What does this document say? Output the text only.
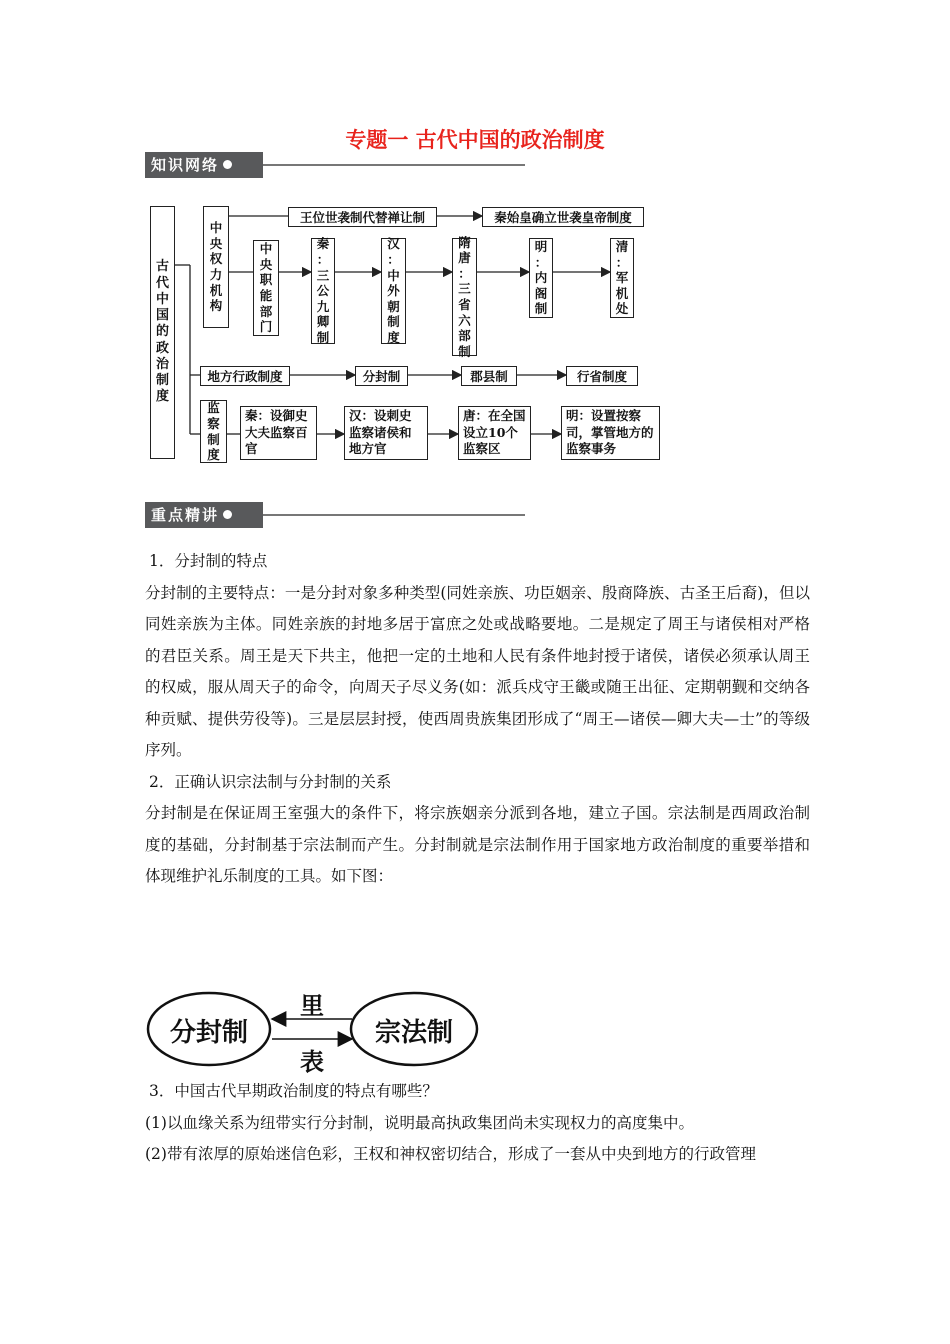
专题一 古代中国的政治制度
知识网络
古
代
中
国
的
政
治
制
度
中
央
权
力
机
构
王位世袭制代替禅让制	秦始皇确立世袭皇帝制度
中
央
职
能
部
门
秦
：
三
公
九
卿
制
汉
：
中
外
朝
制
度
隋
唐
：
三
省
六
部
制
明
：
内
阁
制
清
：
军
机
处
地方行政制度	分封制	郡县制	行省制度
监
察
制
度
秦：设御史大夫监察百官
汉：设刺史监察诸侯和地方官
唐：在全国设立10个监察区
明：设置按察司，掌管地方的监察事务
重点精讲

1．分封制的特点

分封制的主要特点：一是分封对象多种类型(同姓亲族、功臣姻亲、殷商降族、古圣王后裔)，但以同姓亲族为主体。同姓亲族的封地多居于富庶之处或战略要地。二是规定了周王与诸侯相对严格的君臣关系。周王是天下共主，他把一定的土地和人民有条件地封授于诸侯，诸侯必须承认周王的权威，服从周天子的命令，向周天子尽义务(如：派兵戍守王畿或随王出征、定期朝觐和交纳各种贡赋、提供劳役等)。三是层层封授，使西周贵族集团形成了“周王—诸侯—卿大夫—士”的等级序列。

2．正确认识宗法制与分封制的关系

分封制是在保证周王室强大的条件下，将宗族姻亲分派到各地，建立子国。宗法制是西周政治制度的基础，分封制基于宗法制而产生。分封制就是宗法制作用于国家地方政治制度的重要举措和体现维护礼乐制度的工具。如下图：

分封制	宗法制
里
表

3．中国古代早期政治制度的特点有哪些？

(1)以血缘关系为纽带实行分封制，说明最高执政集团尚未实现权力的高度集中。

(2)带有浓厚的原始迷信色彩，王权和神权密切结合，形成了一套从中央到地方的行政管理
